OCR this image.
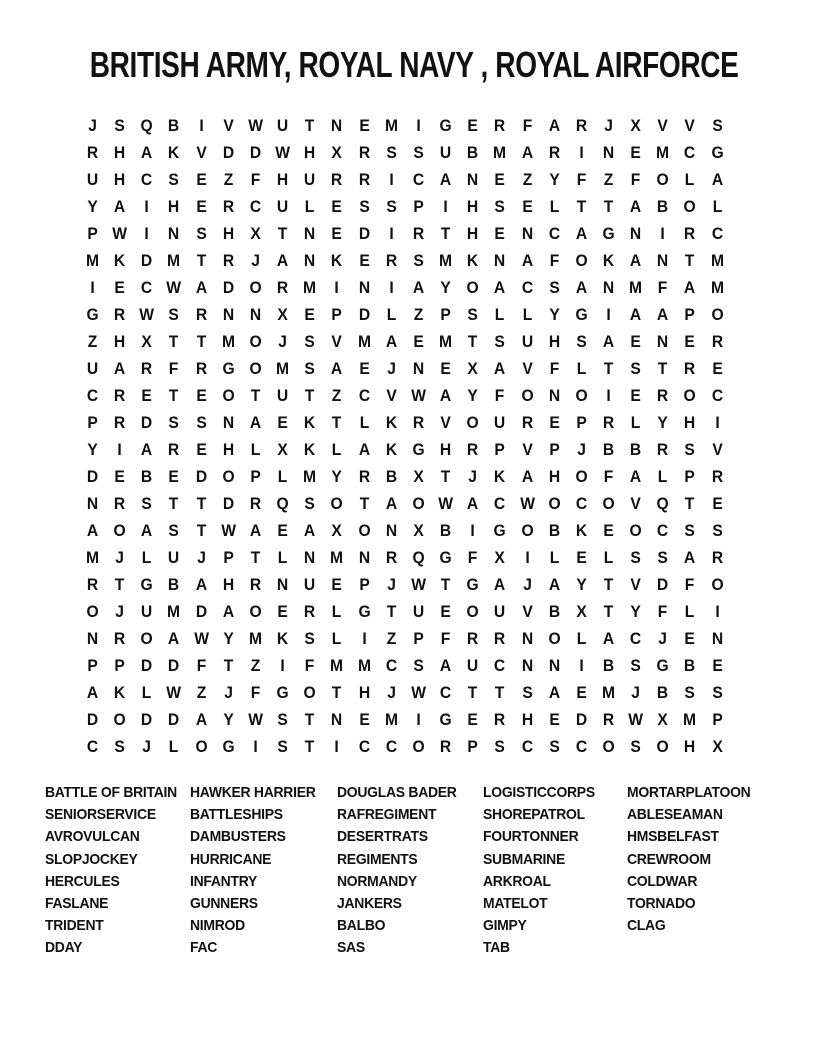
BRITISH ARMY, ROYAL NAVY , ROYAL AIRFORCE
J	S Q B	I	V W U T N E M	I	G E R F A R	J	X V V S
R H A K V D D W H X R S S U B M A R	I	N E M C G
U H C S E	Z	F H U R R	I	C A N E	Z	Y	F	Z	F O L A
Y A	I	H E R C U L	E S S P	I	H S E	L	T	T A B O L
P W	I	N S H X	T N E D	I	R T H E N C A G N	I	R C
M K D M T R	J	A N K E R S M K N A F O K A N T M
I	E C W A D O R M	I	N	I	A Y O A C S A N M F A M
G R W S R N N X E P D L	Z	P S	L	L	Y G	I	A A P O
Z H X	T	T M O J	S V M A E M T	S U H S A E N E R
U A R F R G O M S A E	J	N E X A V	F	L	T	S	T R E
C R E	T	E O T U T	Z C V W A Y	F O N O	I	E R O C
P R D S S N A E K T	L K R V O U R E P R L	Y H	I
Y	I	A R E H L	X K L A K G H R P V P	J	B B R S V
D E B E D O P	L M Y R B X	T	J	K A H O F A L	P R
N R S	T	T D R Q S O T A O W A C W O C O V Q T	E
A O A S	T W A E A X O N X B	I	G O B K E O C S S
M J	L U	J	P	T	L N M N R Q G F	X	I	L	E	L	S S A R
R T G B A H R N U E P	J W T G A	J	A Y	T	V D F O
O J	U M D A O E R L G T U E O U V B X	T	Y	F	L	I
N R O A W Y M K S	L	I	Z	P	F R R N O L A C	J	E N
P P D D F	T	Z	I	F M M C S A U C N N	I	B S G B E
A K L W Z	J	F G O T H	J W C T	T	S A E M J	B S S
D O D D A Y W S	T N E M	I	G E R H E D R W X M P
C S	J	L O G	I	S	T	I	C C O R P S C S C O S O H X
BATTLE OF BRITAIN
SENIORSERVICE
AVROVULCAN
SLOPJOCKEY
HERCULES
FASLANE
TRIDENT
DDAY
HAWKER HARRIER
BATTLESHIPS
DAMBUSTERS
HURRICANE
INFANTRY
GUNNERS
NIMROD
FAC
DOUGLAS BADER
RAFREGIMENT
DESERTRATS
REGIMENTS
NORMANDY
JANKERS
BALBO
SAS
LOGISTICCORPS
SHOREPATROL
FOURTONNER
SUBMARINE
ARKROAL
MATELOT
GIMPY
TAB
MORTARPLATOON
ABLESEAMAN
HMSBELFAST
CREWROOM
COLDWAR
TORNADO
CLAG
